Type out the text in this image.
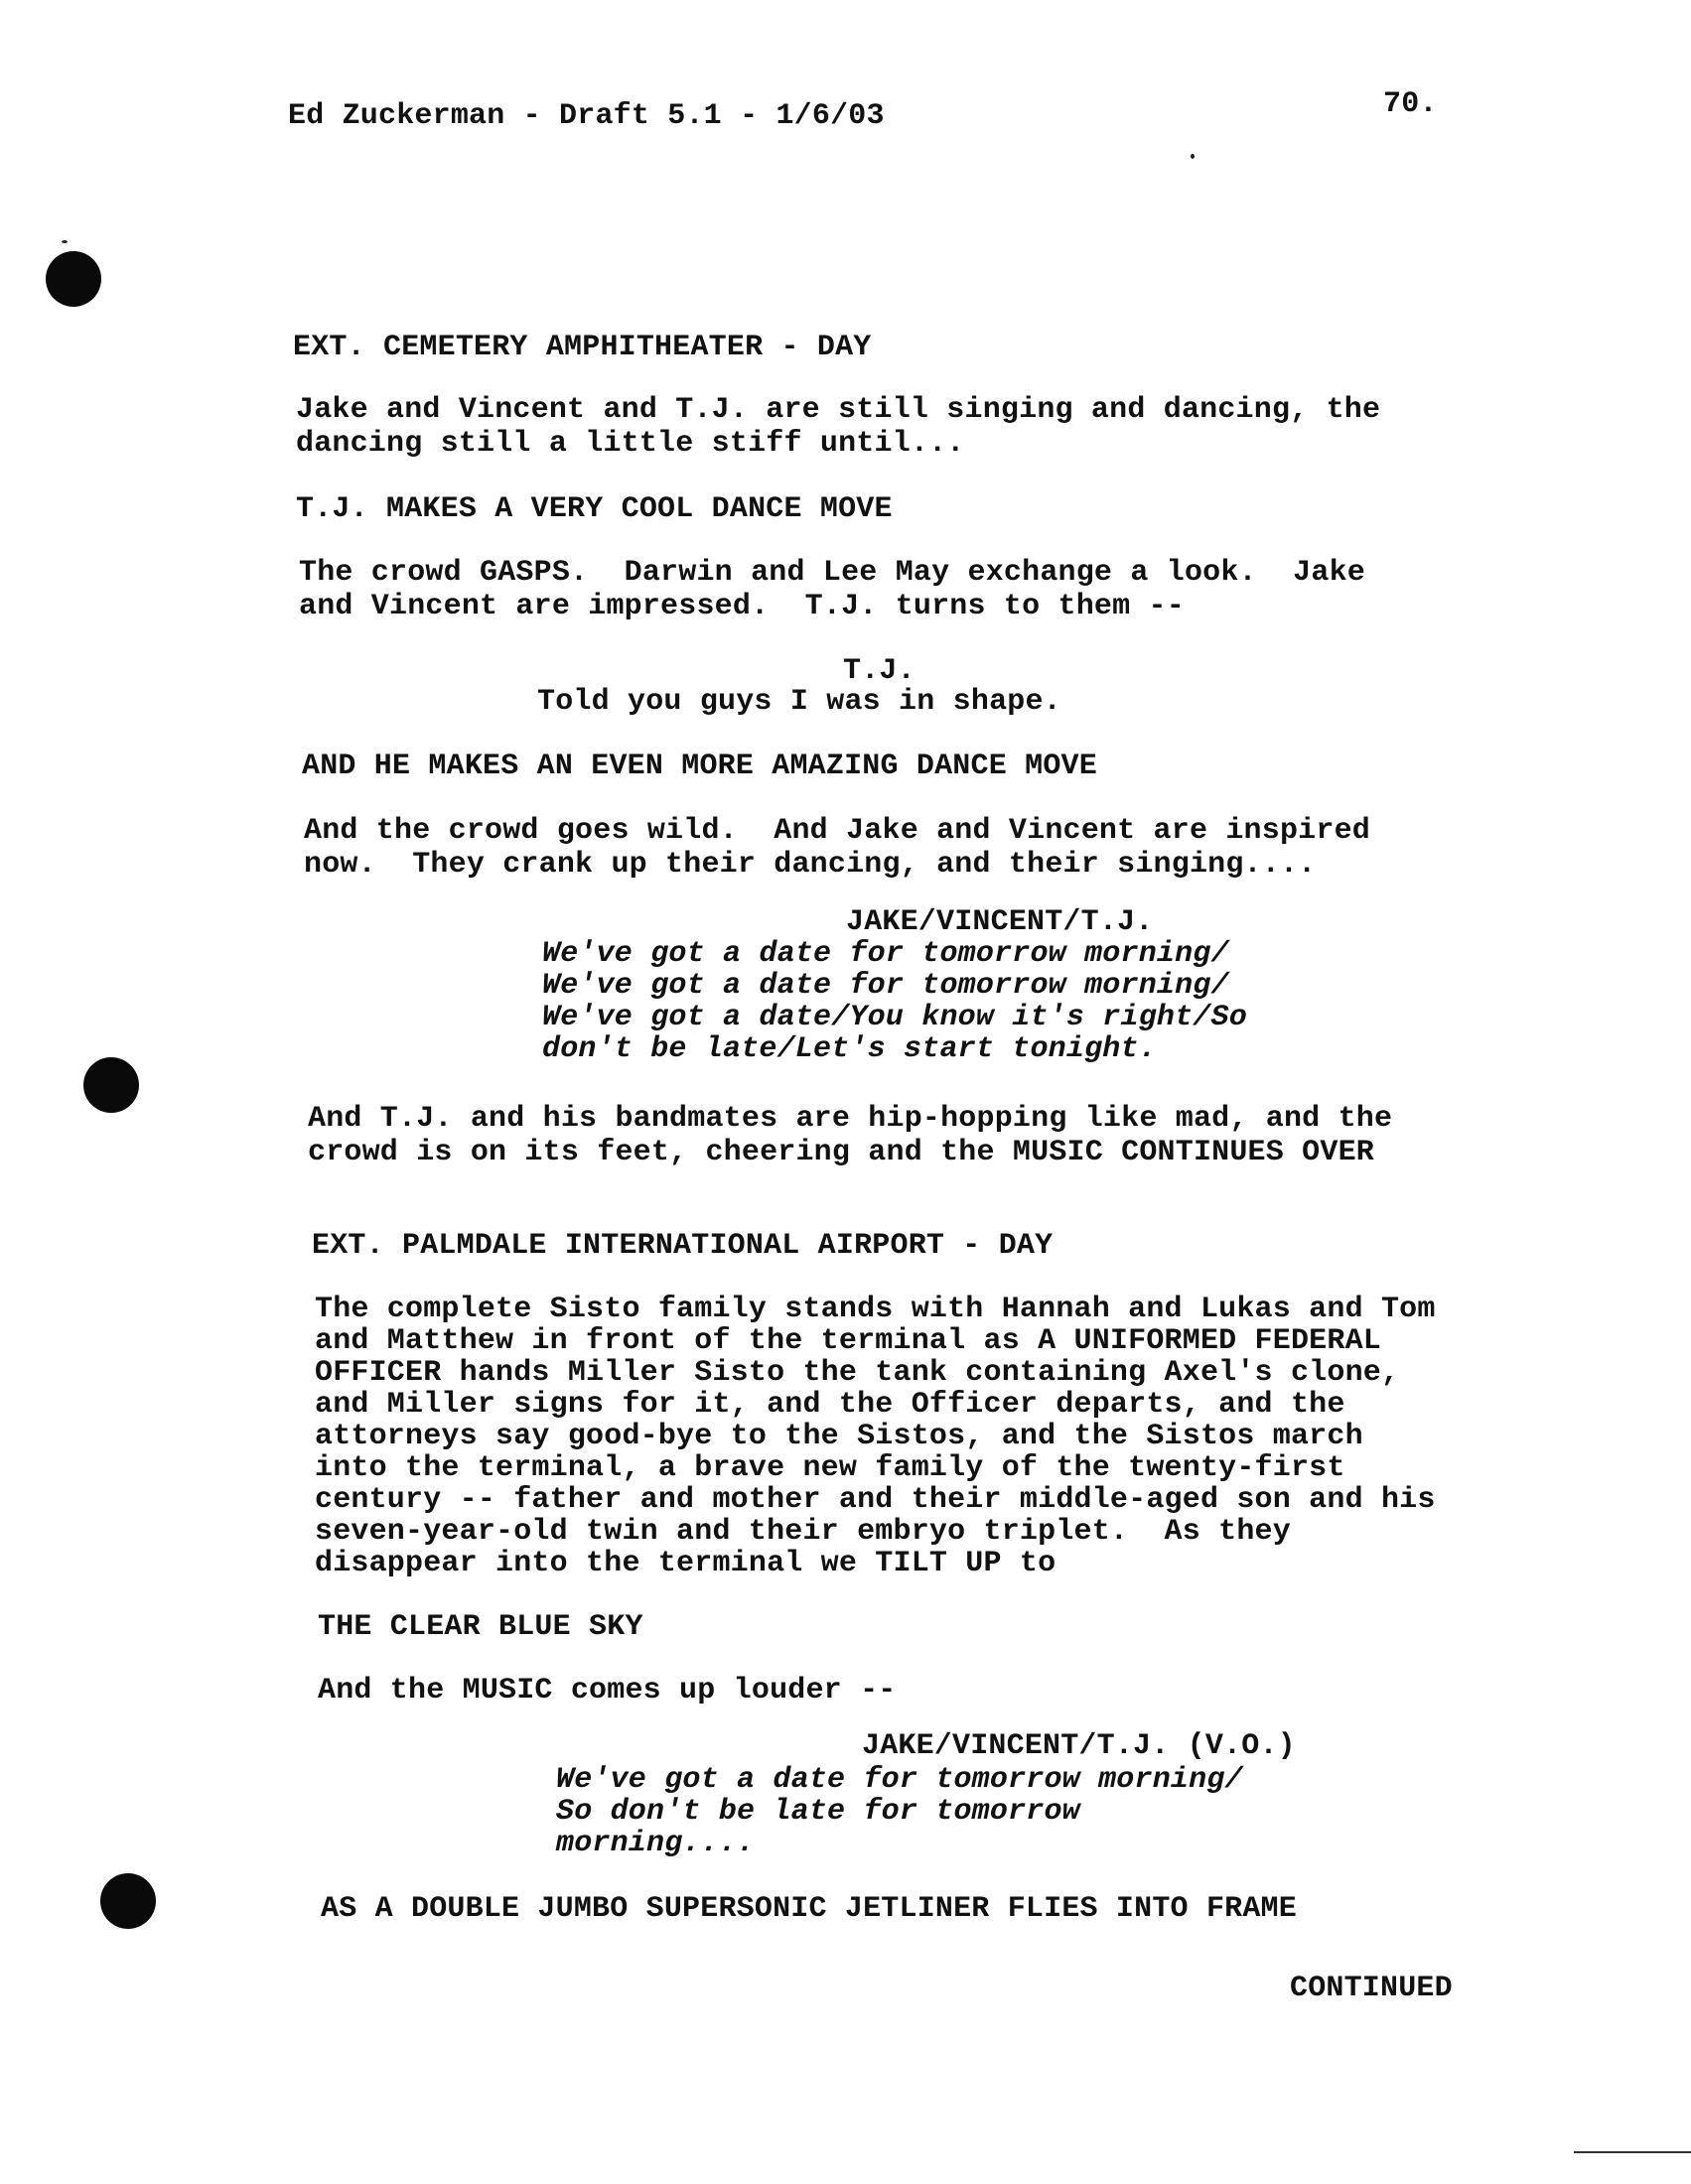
Ed Zuckerman - Draft 5.1 - 1/6/03	70.
EXT. CEMETERY AMPHITHEATER - DAY
Jake and Vincent and T.J. are still singing and dancing, the
dancing still a little stiff until...
T.J. MAKES A VERY COOL DANCE MOVE
The crowd GASPS.  Darwin and Lee May exchange a look.  Jake
and Vincent are impressed.  T.J. turns to them --
T.J.
Told you guys I was in shape.
AND HE MAKES AN EVEN MORE AMAZING DANCE MOVE
And the crowd goes wild.  And Jake and Vincent are inspired
now.  They crank up their dancing, and their singing....
JAKE/VINCENT/T.J.
We've got a date for tomorrow morning/
We've got a date for tomorrow morning/
We've got a date/You know it's right/So
don't be late/Let's start tonight.
And T.J. and his bandmates are hip-hopping like mad, and the
crowd is on its feet, cheering and the MUSIC CONTINUES OVER
EXT. PALMDALE INTERNATIONAL AIRPORT - DAY
The complete Sisto family stands with Hannah and Lukas and Tom
and Matthew in front of the terminal as A UNIFORMED FEDERAL
OFFICER hands Miller Sisto the tank containing Axel's clone,
and Miller signs for it, and the Officer departs, and the
attorneys say good-bye to the Sistos, and the Sistos march
into the terminal, a brave new family of the twenty-first
century -- father and mother and their middle-aged son and his
seven-year-old twin and their embryo triplet.  As they
disappear into the terminal we TILT UP to
THE CLEAR BLUE SKY
And the MUSIC comes up louder --
JAKE/VINCENT/T.J. (V.O.)
We've got a date for tomorrow morning/
So don't be late for tomorrow
morning....
AS A DOUBLE JUMBO SUPERSONIC JETLINER FLIES INTO FRAME
CONTINUED
